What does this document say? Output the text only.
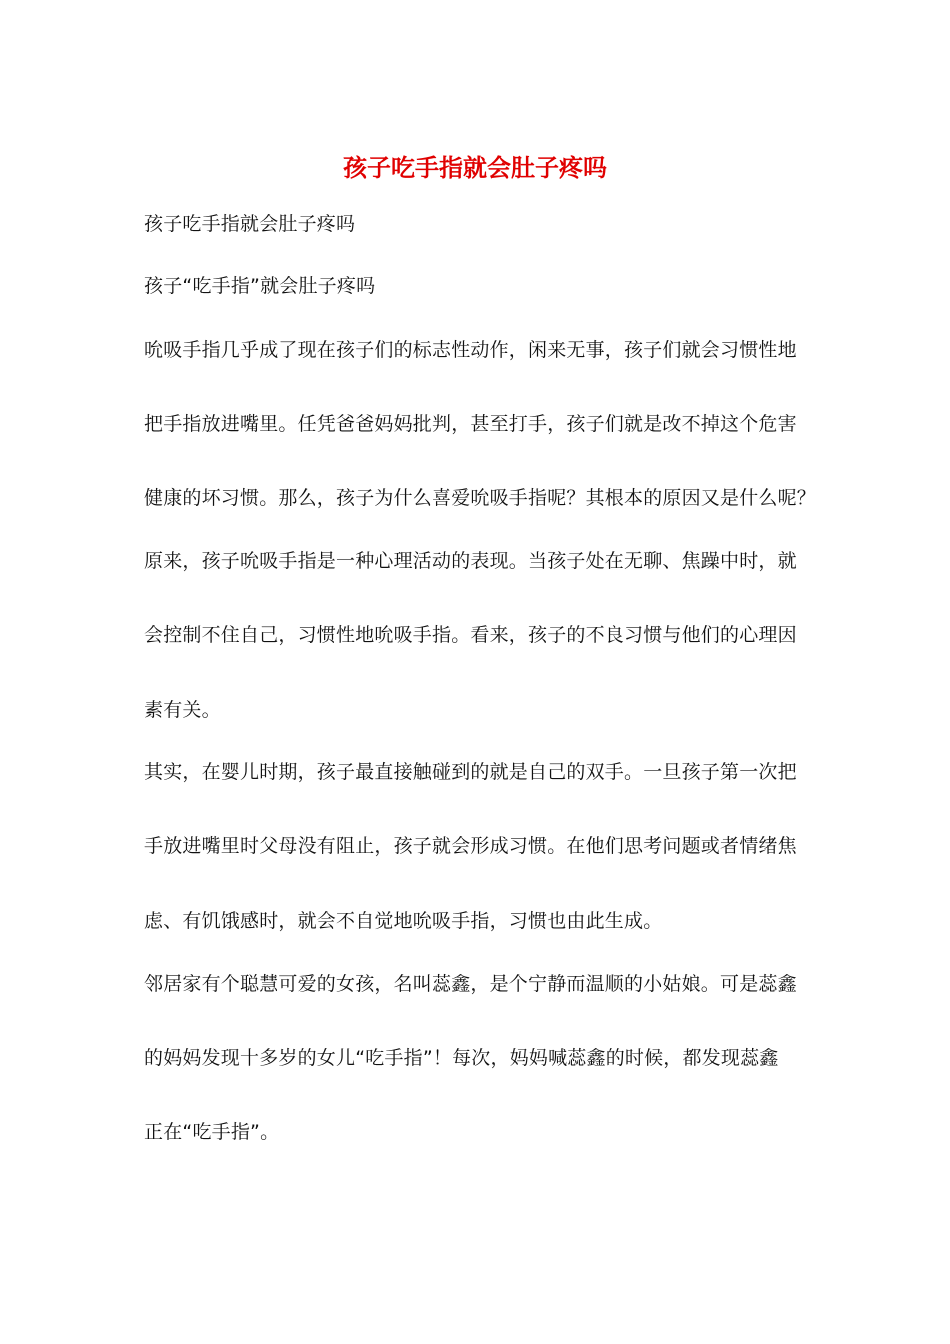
孩子吃手指就会肚子疼吗
孩子吃手指就会肚子疼吗
孩子“吃手指”就会肚子疼吗
吮吸手指几乎成了现在孩子们的标志性动作，闲来无事，孩子们就会习惯性地
把手指放进嘴里。任凭爸爸妈妈批判，甚至打手，孩子们就是改不掉这个危害
健康的坏习惯。那么，孩子为什么喜爱吮吸手指呢？其根本的原因又是什么呢？
原来，孩子吮吸手指是一种心理活动的表现。当孩子处在无聊、焦躁中时，就
会控制不住自己，习惯性地吮吸手指。看来，孩子的不良习惯与他们的心理因
素有关。
其实，在婴儿时期，孩子最直接触碰到的就是自己的双手。一旦孩子第一次把
手放进嘴里时父母没有阻止，孩子就会形成习惯。在他们思考问题或者情绪焦
虑、有饥饿感时，就会不自觉地吮吸手指，习惯也由此生成。
邻居家有个聪慧可爱的女孩，名叫蕊鑫，是个宁静而温顺的小姑娘。可是蕊鑫
的妈妈发现十多岁的女儿“吃手指”！每次，妈妈喊蕊鑫的时候，都发现蕊鑫
正在“吃手指”。
